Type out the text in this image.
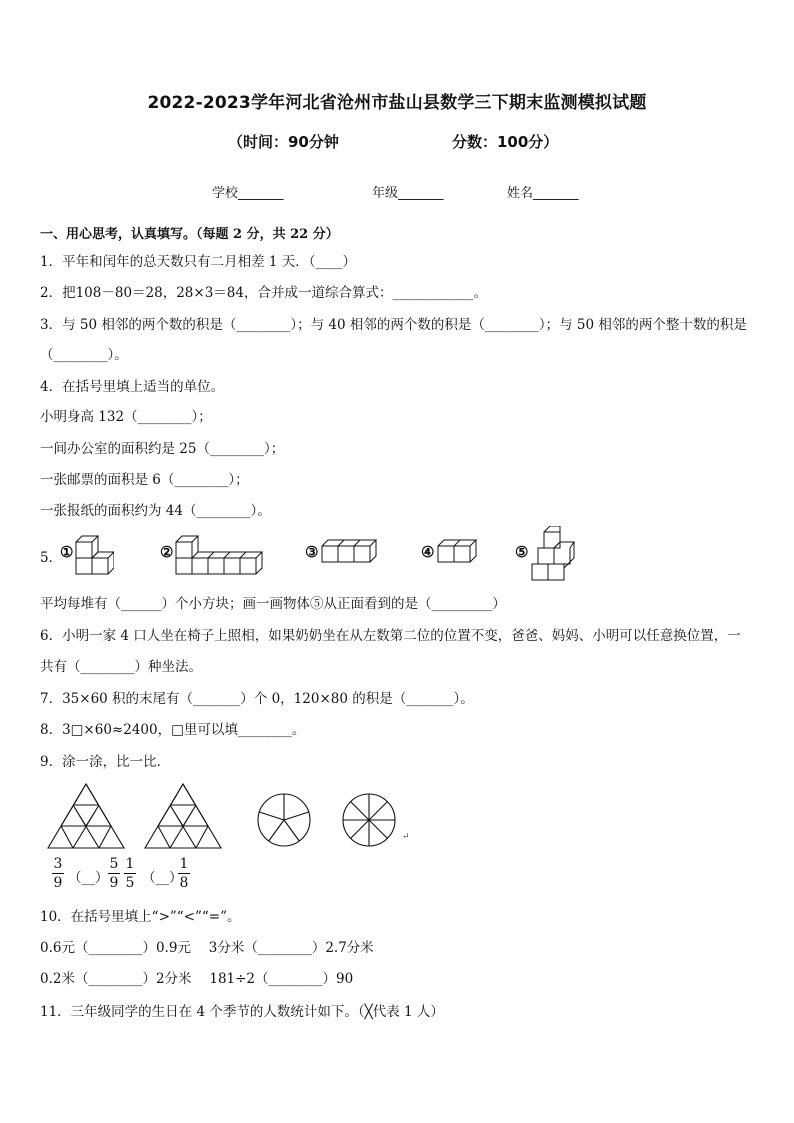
2022-2023学年河北省沧州市盐山县数学三下期末监测模拟试题
（时间：90分钟	分数：100分）
学校_______	年级_______	姓名_______
一、用心思考，认真填写。（每题 2 分，共 22 分）
1．平年和闰年的总天数只有二月相差 1 天．（____）
2．把108－80＝28，28×3＝84，合并成一道综合算式：____________。
3．与 50 相邻的两个数的积是（________）；与 40 相邻的两个数的积是（________）；与 50 相邻的两个整十数的积是
（________）。
4．在括号里填上适当的单位。
小明身高 132（________）；
一间办公室的面积约是 25（________）；
一张邮票的面积是 6（________）；
一张报纸的面积约为 44（________）。
5．
①	②	③	④	⑤
平均每堆有（______）个小方块；画一画物体⑤从正面看到的是（_________）
6．小明一家 4 口人坐在椅子上照相，如果奶奶坐在从左数第二位的位置不变，爸爸、妈妈、小明可以任意换位置，一
共有（________）种坐法。
7．35×60 积的末尾有（_______）个 0，120×80 的积是（_______）。
8．3□×60≈2400，□里可以填________。
9．涂一涂，比一比．
↵
3
9 （__）
5
9
1
5 （__）
1
8
10．在括号里填上“>”“<”“=”。
0.6元（________）0.9元　 3分米（________）2.7分米
0.2米（________）2分米　 181÷2（________）90
11．三年级同学的生日在 4 个季节的人数统计如下。（╳代表 1 人）
